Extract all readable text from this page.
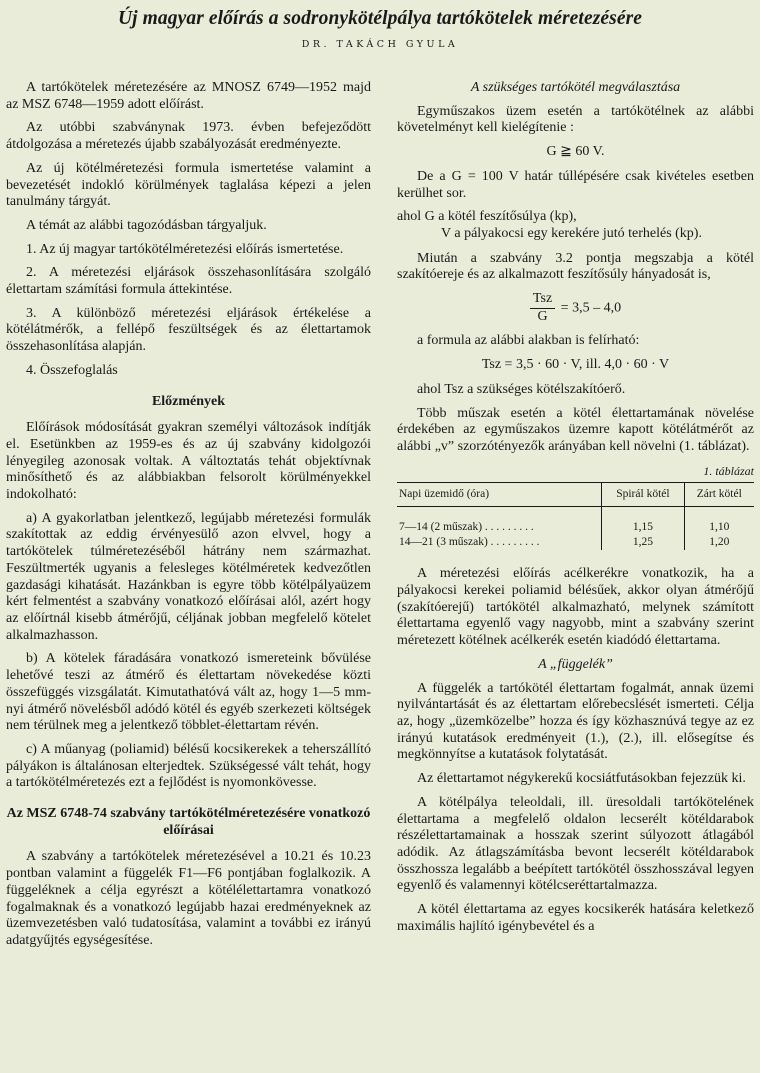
Új magyar előírás a sodronykötélpálya tartókötelek méretezésére
DR. TAKÁCH GYULA

A tartókötelek méretezésére az MNOSZ 6749—1952 majd az MSZ 6748—1959 adott előírást.

Az utóbbi szabványnak 1973. évben befejeződött átdolgozása a méretezés újabb szabályozását eredményezte.

Az új kötélméretezési formula ismertetése valamint a bevezetését indokló körülmények taglalása képezi a jelen tanulmány tárgyát.

A témát az alábbi tagozódásban tárgyaljuk.

1. Az új magyar tartókötélméretezési előírás ismertetése.

2. A méretezési eljárások összehasonlítására szolgáló élettartam számítási formula áttekintése.

3. A különböző méretezési eljárások értékelése a kötélátmérők, a fellépő feszültségek és az élettartamok összehasonlítása alapján.

4. Összefoglalás

Előzmények

Előírások módosítását gyakran személyi változások indítják el. Esetünkben az 1959-es és az új szabvány kidolgozói lényegileg azonosak voltak. A változtatás tehát objektívnak minősíthető és az alábbiakban felsorolt körülményekkel indokolható:

a) A gyakorlatban jelentkező, legújabb méretezési formulák szakítottak az eddig érvényesülő azon elvvel, hogy a tartókötelek túlméretezéséből hátrány nem származhat. Feszültmerték ugyanis a felesleges kötélméretek kedvezőtlen gazdasági kihatását. Hazánkban is egyre több kötélpályaüzem kért felmentést a szabvány vonatkozó előírásai alól, azért hogy az előírtnál kisebb átmérőjű, céljának jobban megfelelő kötelet alkalmazhasson.

b) A kötelek fáradására vonatkozó ismereteink bővülése lehetővé teszi az átmérő és élettartam növekedése közti összefüggés vizsgálatát. Kimutathatóvá vált az, hogy 1—5 mm-nyi átmérő növelésből adódó kötél és egyéb szerkezeti költségek nem térülnek meg a jelentkező többlet-élettartam révén.

c) A műanyag (poliamid) bélésű kocsikerekek a teherszállító pályákon is általánosan elterjedtek. Szükségessé vált tehát, hogy a tartókötélméretezés ezt a fejlődést is nyomonkövesse.

Az MSZ 6748-74 szabvány tartókötélméretezésére vonatkozó előírásai

A szabvány a tartókötelek méretezésével a 10.21 és 10.23 pontban valamint a függelék F1—F6 pontjában foglalkozik. A függeléknek a célja egyrészt a kötélélettartamra vonatkozó fogalmaknak és a vonatkozó legújabb hazai eredményeknek az üzemvezetésben való tudatosítása, valamint a további ez irányú adatgyűjtés egységesítése.

A szükséges tartókötél megválasztása

Egyműszakos üzem esetén a tartókötélnek az alábbi követelményt kell kielégítenie :

G ≧ 60 V.

De a G = 100 V határ túllépésére csak kivételes esetben kerülhet sor.

ahol G a kötél feszítősúlya (kp),

V a pályakocsi egy kerekére jutó terhelés (kp).

Miután a szabvány 3.2 pontja megszabja a kötél szakítóereje és az alkalmazott feszítősúly hányadosát is,

$\frac{\text{Tsz}}{G} = 3,5 - 4,0$

a formula az alábbi alakban is felírható:

Tsz = 3,5 · 60 · V, ill. 4,0 · 60 · V

ahol Tsz a szükséges kötélszakítóerő.

Több műszak esetén a kötél élettartamának növelése érdekében az egyműszakos üzemre kapott kötélátmérőt az alábbi „v” szorzótényezők arányában kell növelni (1. táblázat).

1. táblázat
Napi üzemidő (óra)	Spirál kötél	Zárt kötél
7—14 (2 műszak) . . . . . . . . .	1,15	1,10
14—21 (3 műszak) . . . . . . . . .	1,25	1,20

A méretezési előírás acélkerékre vonatkozik, ha a pályakocsi kerekei poliamid bélésűek, akkor olyan átmérőjű (szakítóerejű) tartókötél alkalmazható, melynek számított élettartama egyenlő vagy nagyobb, mint a szabvány szerint méretezett kötélnek acélkerék esetén kiadódó élettartama.

A „függelék”

A függelék a tartókötél élettartam fogalmát, annak üzemi nyilvántartását és az élettartam előrebecslését ismerteti. Célja az, hogy „üzemközelbe” hozza és így közhasznúvá tegye az ez irányú kutatások eredményeit (1.), (2.), ill. elősegítse és megkönnyítse a kutatások folytatását.

Az élettartamot négykerekű kocsiátfutásokban fejezzük ki.

A kötélpálya teleoldali, ill. üresoldali tartókötelének élettartama a megfelelő oldalon lecserélt kötéldarabok részélettartamainak a hosszak szerint súlyozott átlagából adódik. Az átlagszámításba bevont lecserélt kötéldarabok összhossza legalább a beépített tartókötél összhosszával legyen egyenlő és valamennyi kötélcseréttartalmazza.

A kötél élettartama az egyes kocsikerék hatására keletkező maximális hajlító igénybevétel és a
